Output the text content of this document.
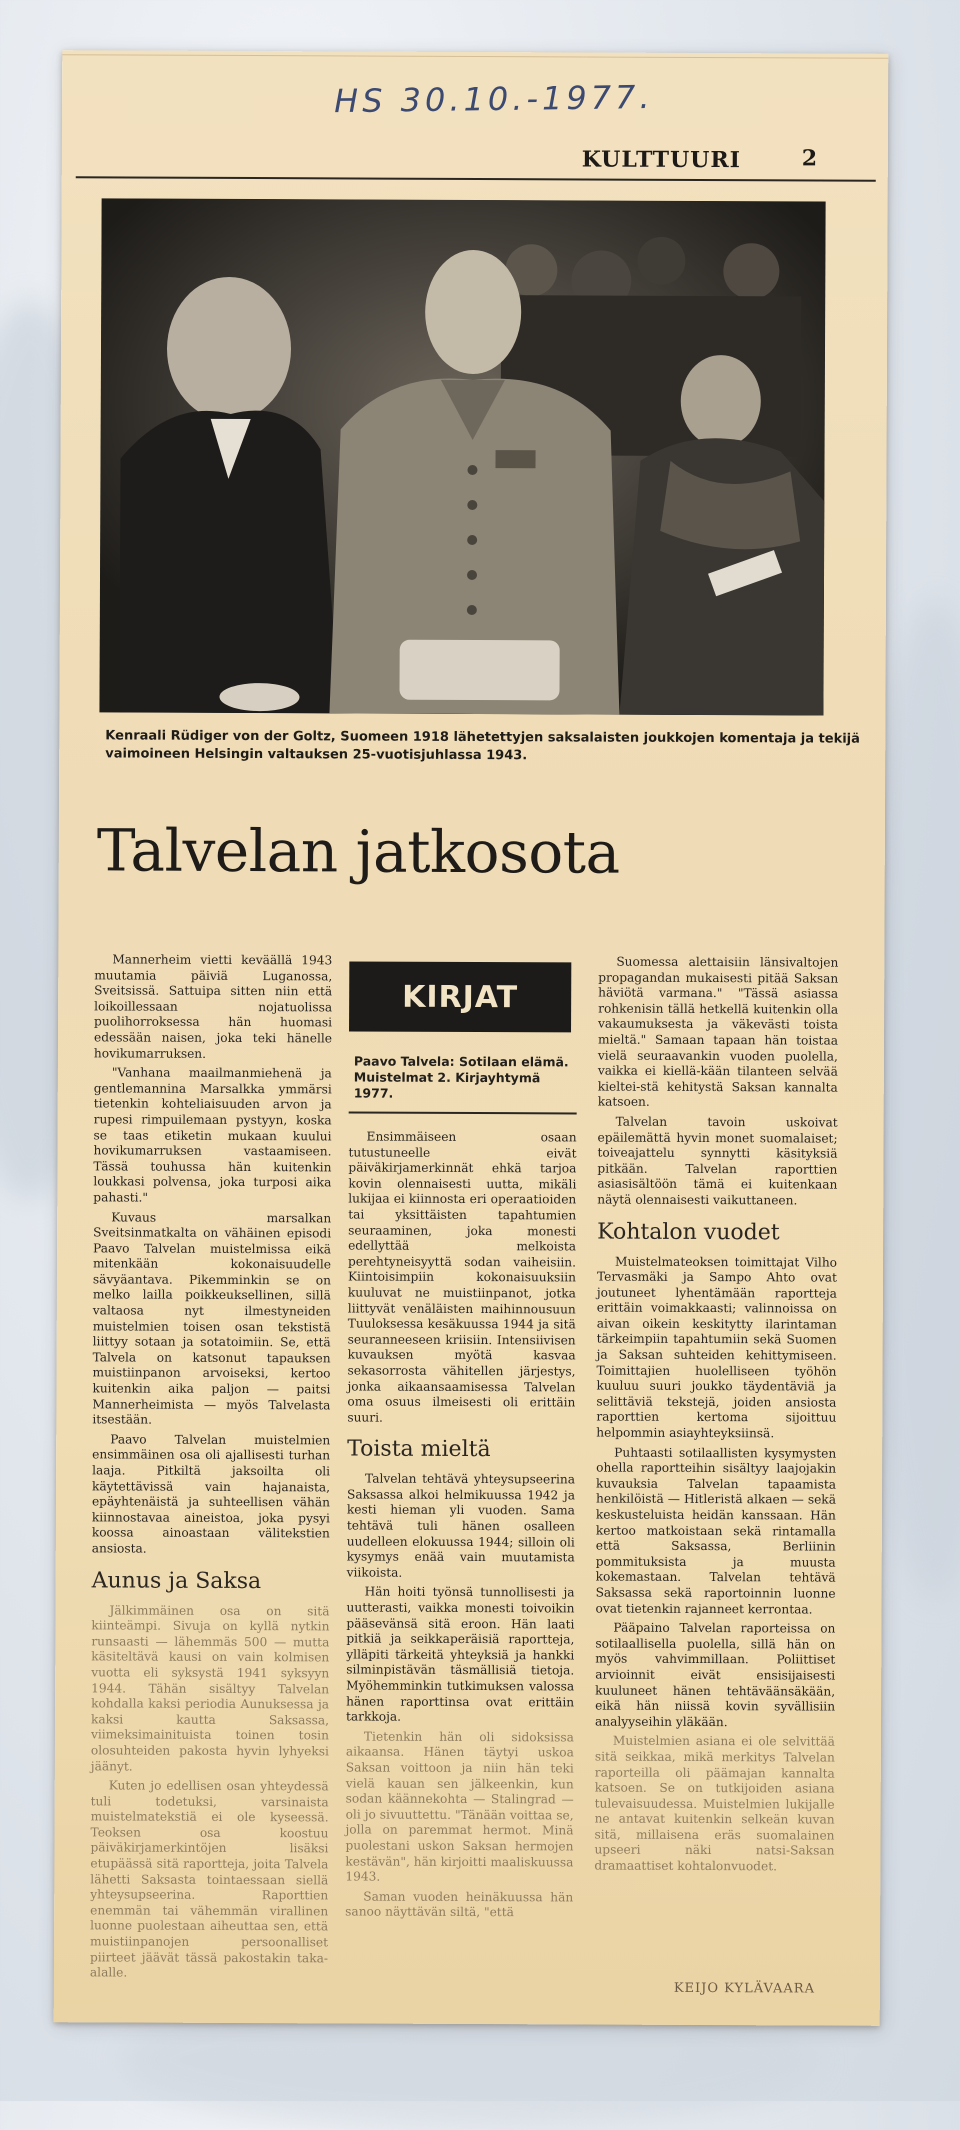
HS 30.10.-1977.
KULTTUURI	2
Kenraali Rüdiger von der Goltz, Suomeen 1918 lähetettyjen saksalaisten joukkojen komentaja ja tekijä vaimoineen Helsingin valtauksen 25-vuotisjuhlassa 1943.
Talvelan jatkosota

Mannerheim vietti keväällä 1943 muutamia päiviä Luganossa, Sveitsissä. Sattuipa sitten niin että loikoillessaan nojatuolissa puolihorroksessa hän huomasi edessään naisen, joka teki hänelle hovikumarruksen.

"Vanhana maailmanmiehenä ja gentlemannina Marsalkka ymmärsi tietenkin kohteliaisuuden arvon ja rupesi rimpuilemaan pystyyn, koska se taas etiketin mukaan kuului hovikumarruksen vastaamiseen. Tässä touhussa hän kuitenkin loukkasi polvensa, joka turposi aika pahasti."

Kuvaus marsalkan Sveitsinmatkalta on vähäinen episodi Paavo Talvelan muistelmissa eikä mitenkään kokonaisuudelle sävyäantava. Pikemminkin se on melko lailla poikkeuksellinen, sillä valtaosa nyt ilmestyneiden muistelmien toisen osan tekstistä liittyy sotaan ja sotatoimiin. Se, että Talvela on katsonut tapauksen muistiinpanon arvoiseksi, kertoo kuitenkin aika paljon — paitsi Mannerheimista — myös Talvelasta itsestään.

Paavo Talvelan muistelmien ensimmäinen osa oli ajallisesti turhan laaja. Pitkiltä jaksoilta oli käytettävissä vain hajanaista, epäyhtenäistä ja suhteellisen vähän kiinnostavaa aineistoa, joka pysyi koossa ainoastaan välitekstien ansiosta.

Aunus ja Saksa

Jälkimmäinen osa on sitä kiinteämpi. Sivuja on kyllä nytkin runsaasti — lähemmäs 500 — mutta käsiteltävä kausi on vain kolmisen vuotta eli syksystä 1941 syksyyn 1944. Tähän sisältyy Talvelan kohdalla kaksi periodia Aunuksessa ja kaksi kautta Saksassa, viimeksimainituista toinen tosin olosuhteiden pakosta hyvin lyhyeksi jäänyt.

Kuten jo edellisen osan yhteydessä tuli todetuksi, varsinaista muistelmatekstiä ei ole kyseessä. Teoksen osa koostuu päiväkirjamerkintöjen lisäksi etupäässä sitä raportteja, joita Talvela lähetti Saksasta tointaessaan siellä yhteysupseerina. Raporttien enemmän tai vähemmän virallinen luonne puolestaan aiheuttaa sen, että muistiinpanojen persoonalliset piirteet jäävät tässä pakostakin taka-alalle.

KIRJAT
Paavo Talvela: Sotilaan elämä. Muistelmat 2. Kirjayhtymä 1977.

Ensimmäiseen osaan tutustuneelle eivät päiväkirjamerkinnät ehkä tarjoa kovin olennaisesti uutta, mikäli lukijaa ei kiinnosta eri operaatioiden tai yksittäisten tapahtumien seuraaminen, joka monesti edellyttää melkoista perehtyneisyyttä sodan vaiheisiin. Kiintoisimpiin kokonaisuuksiin kuuluvat ne muistiinpanot, jotka liittyvät venäläisten maihinnousuun Tuuloksessa kesäkuussa 1944 ja sitä seuranneeseen kriisiin. Intensiivisen kuvauksen myötä kasvaa sekasorrosta vähitellen järjestys, jonka aikaansaamisessa Talvelan oma osuus ilmeisesti oli erittäin suuri.

Toista mieltä

Talvelan tehtävä yhteysupseerina Saksassa alkoi helmikuussa 1942 ja kesti hieman yli vuoden. Sama tehtävä tuli hänen osalleen uudelleen elokuussa 1944; silloin oli kysymys enää vain muutamista viikoista.

Hän hoiti työnsä tunnollisesti ja uutterasti, vaikka monesti toivoikin pääsevänsä sitä eroon. Hän laati pitkiä ja seikkaperäisiä raportteja, ylläpiti tärkeitä yhteyksiä ja hankki silminpistävän täsmällisiä tietoja. Myöhemminkin tutkimuksen valossa hänen raporttinsa ovat erittäin tarkkoja.

Tietenkin hän oli sidoksissa aikaansa. Hänen täytyi uskoa Saksan voittoon ja niin hän teki vielä kauan sen jälkeenkin, kun sodan käännekohta — Stalingrad — oli jo sivuuttettu. "Tänään voittaa se, jolla on paremmat hermot. Minä puolestani uskon Saksan hermojen kestävän", hän kirjoitti maaliskuussa 1943.

Saman vuoden heinäkuussa hän sanoo näyttävän siltä, "että

Suomessa alettaisiin länsivaltojen propagandan mukaisesti pitää Saksan häviötä varmana." "Tässä asiassa rohkenisin tällä hetkellä kuitenkin olla vakaumuksesta ja väkevästi toista mieltä." Samaan tapaan hän toistaa vielä seuraavankin vuoden puolella, vaikka ei kiellä-kään tilanteen selvää kieltei-stä kehitystä Saksan kannalta katsoen.

Talvelan tavoin uskoivat epäilemättä hyvin monet suomalaiset; toiveajattelu synnytti käsityksiä pitkään. Talvelan raporttien asiasisältöön tämä ei kuitenkaan näytä olennaisesti vaikuttaneen.

Kohtalon vuodet

Muistelmateoksen toimittajat Vilho Tervasmäki ja Sampo Ahto ovat joutuneet lyhentämään raportteja erittäin voimakkaasti; valinnoissa on aivan oikein keskitytty ilarintaman tärkeimpiin tapahtumiin sekä Suomen ja Saksan suhteiden kehittymiseen. Toimittajien huolelliseen työhön kuuluu suuri joukko täydentäviä ja selittäviä tekstejä, joiden ansiosta raporttien kertoma sijoittuu helpommin asiayhteyksiinsä.

Puhtaasti sotilaallisten kysymysten ohella raportteihin sisältyy laajojakin kuvauksia Talvelan tapaamista henkilöistä — Hitleristä alkaen — sekä keskusteluista heidän kanssaan. Hän kertoo matkoistaan sekä rintamalla että Saksassa, Berliinin pommituksista ja muusta kokemastaan. Talvelan tehtävä Saksassa sekä raportoinnin luonne ovat tietenkin rajanneet kerrontaa.

Pääpaino Talvelan raporteissa on sotilaallisella puolella, sillä hän on myös vahvimmillaan. Poliittiset arvioinnit eivät ensisijaisesti kuuluneet hänen tehtäväänsäkään, eikä hän niissä kovin syvällisiin analyyseihin yläkään.

Muistelmien asiana ei ole selvittää sitä seikkaa, mikä merkitys Talvelan raporteilla oli päämajan kannalta katsoen. Se on tutkijoiden asiana tulevaisuudessa. Muistelmien lukijalle ne antavat kuitenkin selkeän kuvan sitä, millaisena eräs suomalainen upseeri näki natsi-Saksan dramaattiset kohtalonvuodet.

KEIJO KYLÄVAARA
